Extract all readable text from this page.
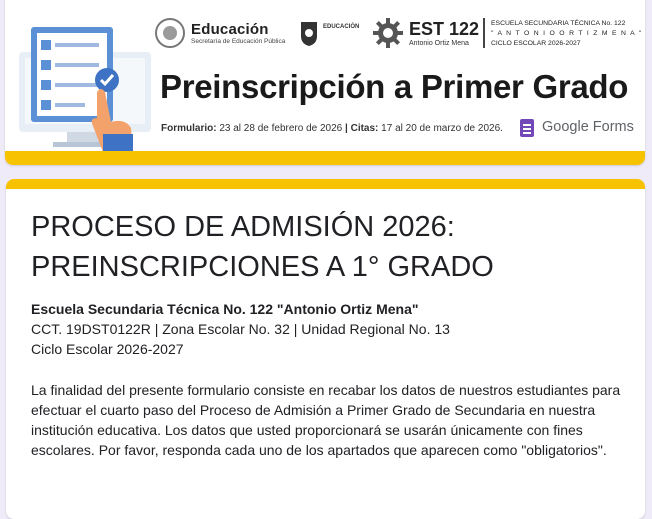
Educación
Secretaría de Educación Pública
EDUCACIÓN	EST 122
Antonio Ortiz Mena
ESCUELA SECUNDARIA TÉCNICA No. 122
" A N T O N I O O R T I Z M E N A "
CICLO ESCOLAR 2026-2027
Preinscripción a Primer Grado
Formulario: 23 al 28 de febrero de 2026 | Citas: 17 al 20 de marzo de 2026.	Google Forms
PROCESO DE ADMISIÓN 2026: PREINSCRIPCIONES A 1° GRADO
Escuela Secundaria Técnica No. 122 "Antonio Ortiz Mena"
CCT. 19DST0122R | Zona Escolar No. 32 | Unidad Regional No. 13
Ciclo Escolar 2026-2027
La finalidad del presente formulario consiste en recabar los datos de nuestros estudiantes para efectuar el cuarto paso del Proceso de Admisión a Primer Grado de Secundaria en nuestra institución educativa. Los datos que usted proporcionará se usarán únicamente con fines escolares. Por favor, responda cada uno de los apartados que aparecen como "obligatorios".
